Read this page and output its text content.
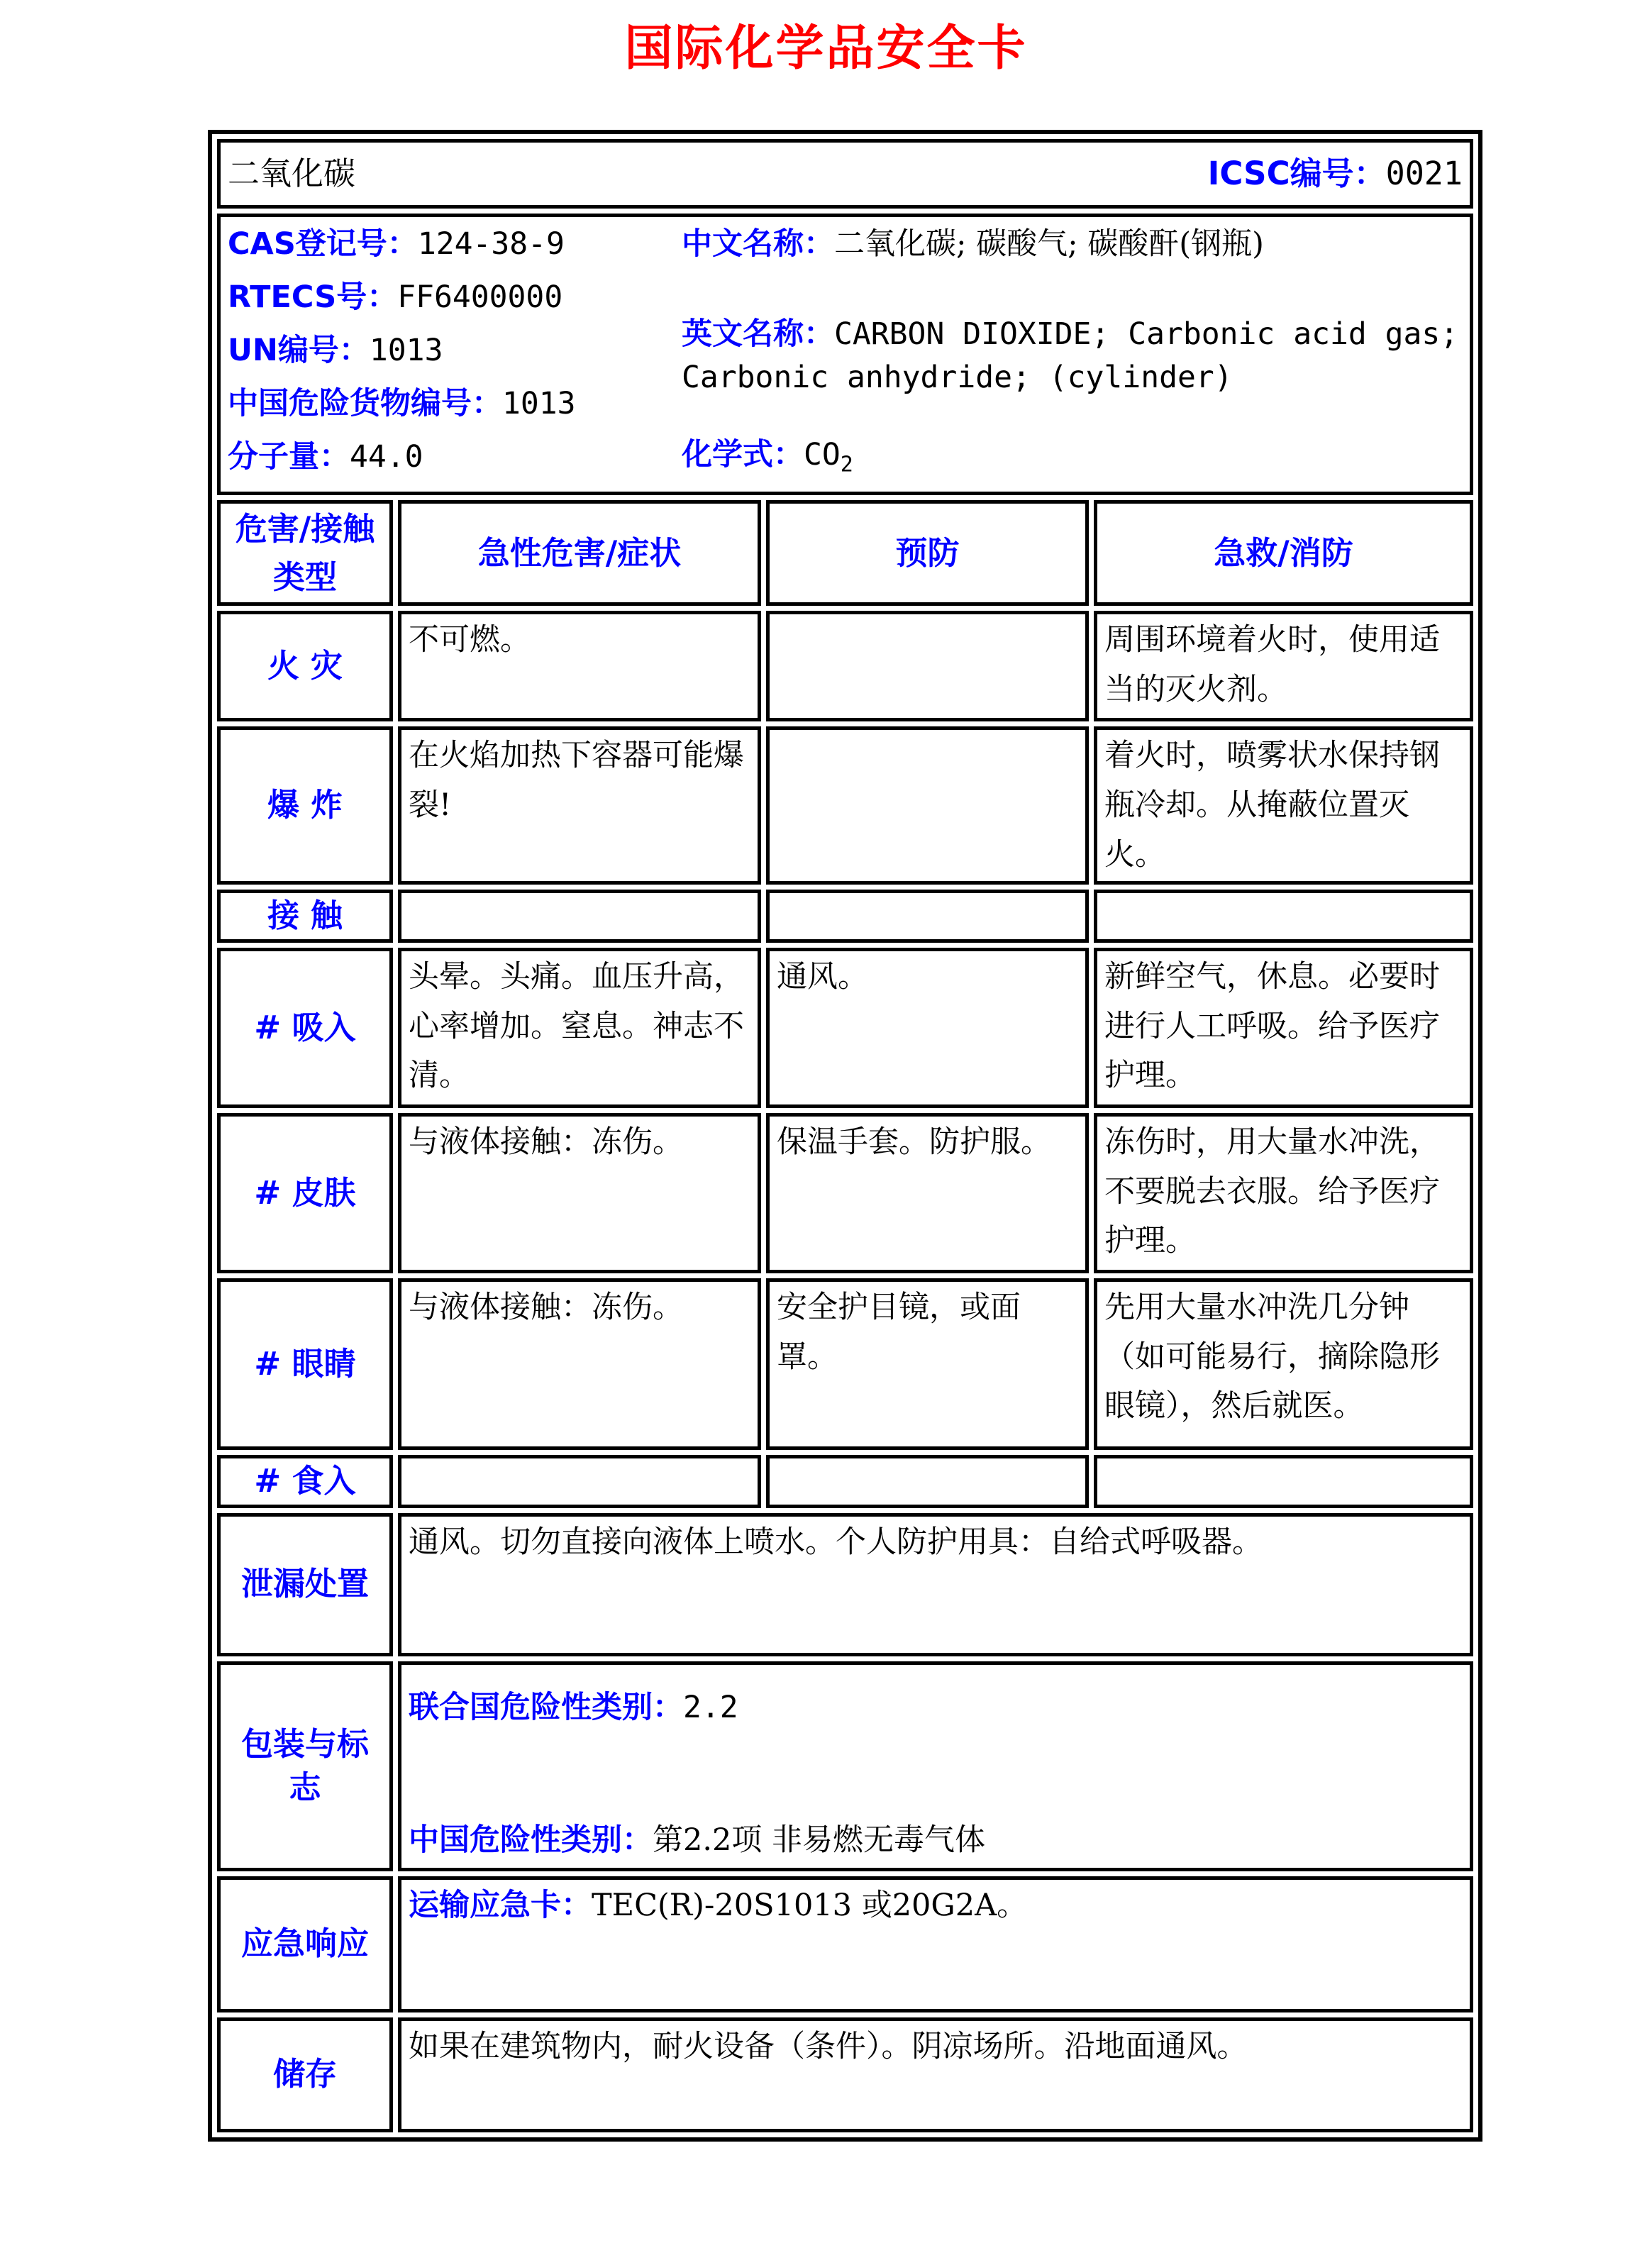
国际化学品安全卡
二氧化碳 ICSC编号：0021			

CAS登记号：124-38-9
RTECS号：FF6400000
UN编号：1013
中国危险货物编号：1013
分子量：44.0
中文名称：二氧化碳; 碳酸气; 碳酸酐(钢瓶)
英文名称：CARBON DIOXIDE; Carbonic acid gas; Carbonic anhydride; (cylinder)
化学式：$CO_2$

危害/接触
类型	急性危害/症状	预防	急救/消防
火 灾	不可燃。		周围环境着火时，使用适当的灭火剂。
爆 炸	在火焰加热下容器可能爆裂!		着火时，喷雾状水保持钢瓶冷却。从掩蔽位置灭火。
接 触			
# 吸入	头晕。头痛。血压升高，心率增加。窒息。神志不清。	通风。	新鲜空气，休息。必要时进行人工呼吸。给予医疗护理。
# 皮肤	与液体接触：冻伤。	保温手套。防护服。	冻伤时，用大量水冲洗，不要脱去衣服。给予医疗护理。
# 眼睛	与液体接触：冻伤。	安全护目镜，或面罩。	先用大量水冲洗几分钟（如可能易行，摘除隐形眼镜），然后就医。
# 食入			
泄漏处置	通风。切勿直接向液体上喷水。个人防护用具：自给式呼吸器。		

包装与标志	联合国危险性类别：2.2

中国危险性类别：第2.2项 非易燃无毒气体		

应急响应	运输应急卡：TEC(R)-20S1013 或20G2A。		

储存	如果在建筑物内，耐火设备（条件）。阴凉场所。沿地面通风。		
